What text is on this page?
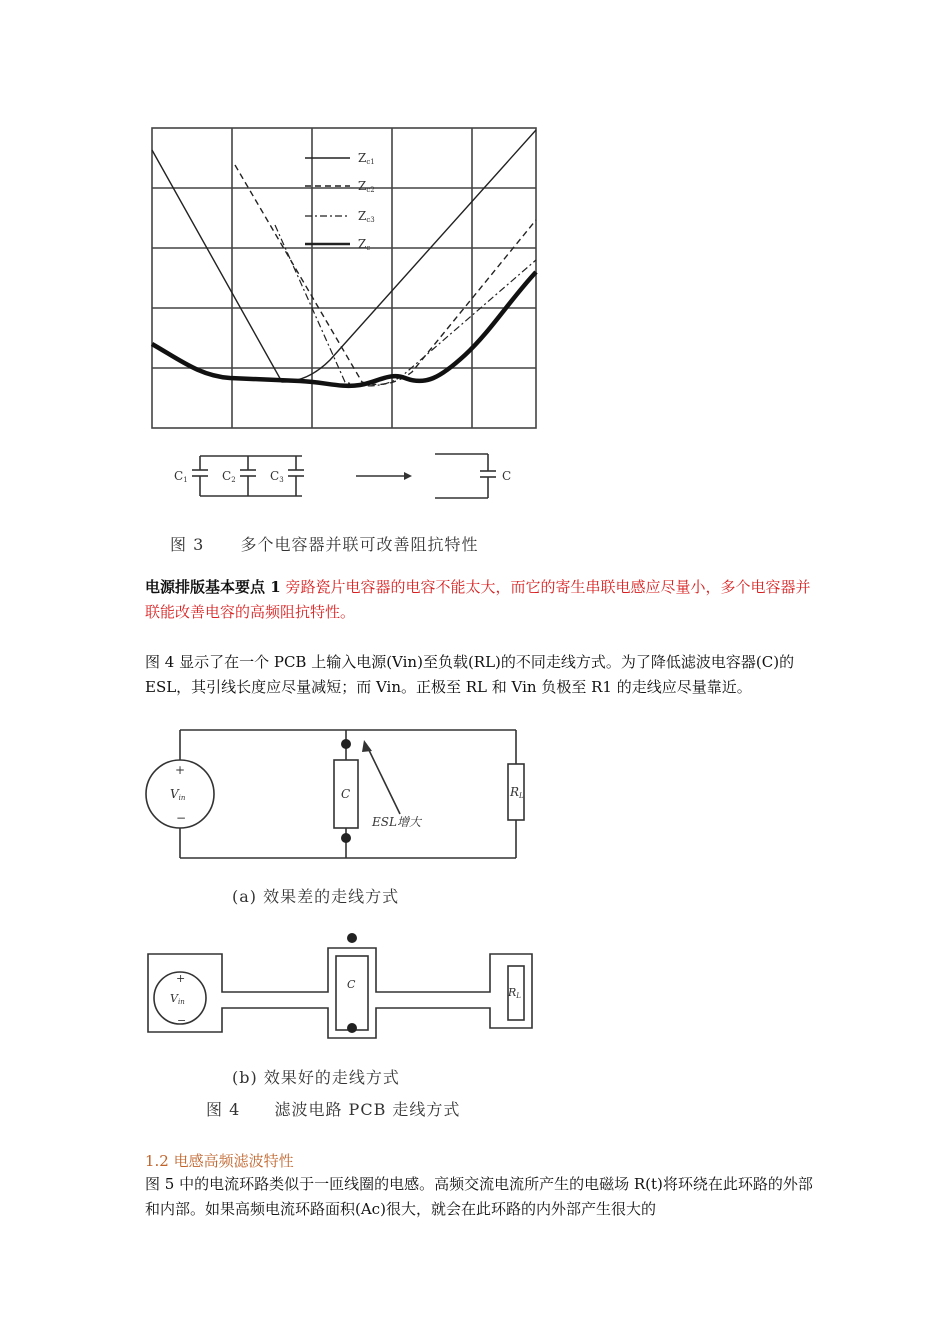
Zc1
Zc2
Zc3
Zc
C1	C2	C3	C
图 3 多个电容器并联可改善阻抗特性
电源排版基本要点 1 旁路瓷片电容器的电容不能太大，而它的寄生串联电感应尽量小，多个电容器并联能改善电容的高频阻抗特性。
图 4 显示了在一个 PCB 上输入电源(Vin)至负载(RL)的不同走线方式。为了降低滤波电容器(C)的 ESL，其引线长度应尽量减短；而 Vin。正极至 RL 和 Vin 负极至 R1 的走线应尽量靠近。
+
−
Vin	C	RL
ESL增大
(a) 效果差的走线方式
+
−
Vin
C
RL
(b) 效果好的走线方式
图 4 滤波电路 PCB 走线方式
1.2 电感高频滤波特性
图 5 中的电流环路类似于一匝线圈的电感。高频交流电流所产生的电磁场 R(t)将环绕在此环路的外部和内部。如果高频电流环路面积(Ac)很大，就会在此环路的内外部产生很大的
